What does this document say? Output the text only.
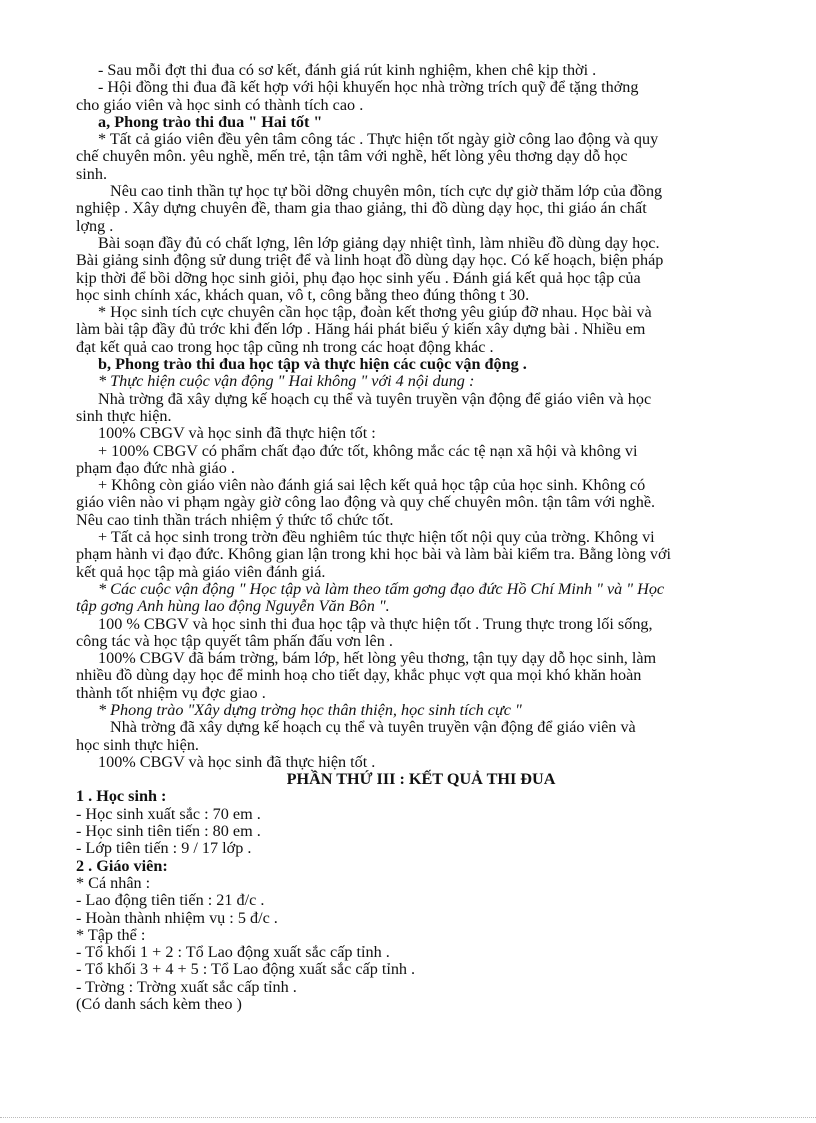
- Sau mỗi đợt thi đua có sơ kết, đánh giá rút kinh nghiệm, khen chê kịp thời .

- Hội đồng thi đua đã kết hợp với hội khuyến học nhà trờng trích quỹ để tặng thởng

cho giáo viên và học sinh có thành tích cao .

a, Phong trào thi đua " Hai tốt "

* Tất cả giáo viên đều yên tâm công tác . Thực hiện tốt ngày giờ công lao động và quy

chế chuyên môn. yêu nghề, mến trẻ, tận tâm với nghề, hết lòng yêu thơng dạy dỗ học

sinh.

Nêu cao tinh thần tự học tự bồi dỡng chuyên môn, tích cực dự giờ thăm lớp của đồng

nghiệp . Xây dựng chuyên đề, tham gia thao giảng, thi đồ dùng dạy học, thi giáo án chất

lợng .

Bài soạn đầy đủ có chất lợng, lên lớp giảng dạy nhiệt tình, làm nhiều đồ dùng dạy học.

Bài giảng sinh động sử dung triệt để và linh hoạt đồ dùng dạy học. Có kế hoạch, biện pháp

kịp thời để bồi dỡng học sinh giỏi, phụ đạo học sinh yếu . Đánh giá kết quả học tập của

học sinh chính xác, khách quan, vô t, công bằng theo đúng thông t 30.

* Học sinh tích cực chuyên cần học tập, đoàn kết thơng yêu giúp đỡ nhau. Học bài và

làm bài tập đầy đủ trớc khi đến lớp . Hăng hái phát biểu ý kiến xây dựng bài . Nhiều em

đạt kết quả cao trong học tập cũng nh trong các hoạt động khác .

b, Phong trào thi đua học tập và thực hiện các cuộc vận động .

* Thực hiện cuộc vận động " Hai không " với 4 nội dung :

Nhà trờng đã xây dựng kế hoạch cụ thể và tuyên truyền vận động để giáo viên và học

sinh thực hiện.

100% CBGV và học sinh đã thực hiện tốt :

+ 100% CBGV có phẩm chất đạo đức tốt, không mắc các tệ nạn xã hội và không vi

phạm đạo đức nhà giáo .

+ Không còn giáo viên nào đánh giá sai lệch kết quả học tập của học sinh. Không có

giáo viên nào vi phạm ngày giờ công lao động và quy chế chuyên môn. tận tâm với nghề.

Nêu cao tinh thần trách nhiệm ý thức tổ chức tốt.

+ Tất cả học sinh trong trờn đều nghiêm túc thực hiện tốt nội quy của trờng. Không vi

phạm hành vi đạo đức. Không gian lận trong khi học bài và làm bài kiểm tra. Bằng lòng với

kết quả học tập mà giáo viên đánh giá.

* Các cuộc vận động " Học tập và làm theo tấm gơng đạo đức Hồ Chí Minh " và " Học

tập gơng Anh hùng lao động Nguyễn Văn Bôn ".

100 % CBGV và học sinh thi đua học tập và thực hiện tốt . Trung thực trong lối sống,

công tác và học tập quyết tâm phấn đấu vơn lên .

100% CBGV đã bám trờng, bám lớp, hết lòng yêu thơng, tận tụy dạy dỗ học sinh, làm

nhiều đồ dùng dạy học để minh hoạ cho tiết dạy, khắc phục vợt qua mọi khó khăn hoàn

thành tốt nhiệm vụ đợc giao .

* Phong trào "Xây dựng trờng học thân thiện, học sinh tích cực "

Nhà trờng đã xây dựng kế hoạch cụ thể và tuyên truyền vận động để giáo viên và

học sinh thực hiện.

100% CBGV và học sinh đã thực hiện tốt .

PHẦN THỨ III : KẾT QUẢ THI ĐUA

1 . Học sinh :

- Học sinh xuất sắc : 70 em .

- Học sinh tiên tiến : 80 em .

- Lớp tiên tiến : 9 / 17 lớp .

2 . Giáo viên:

* Cá nhân :

- Lao động tiên tiến : 21 đ/c .

- Hoàn thành nhiệm vụ : 5 đ/c .

* Tập thể :

- Tổ khối 1 + 2 : Tổ Lao động xuất sắc cấp tỉnh .

- Tổ khối 3 + 4 + 5 : Tổ Lao động xuất sắc cấp tỉnh .

- Trờng : Trờng xuất sắc cấp tỉnh .

(Có danh sách kèm theo )
